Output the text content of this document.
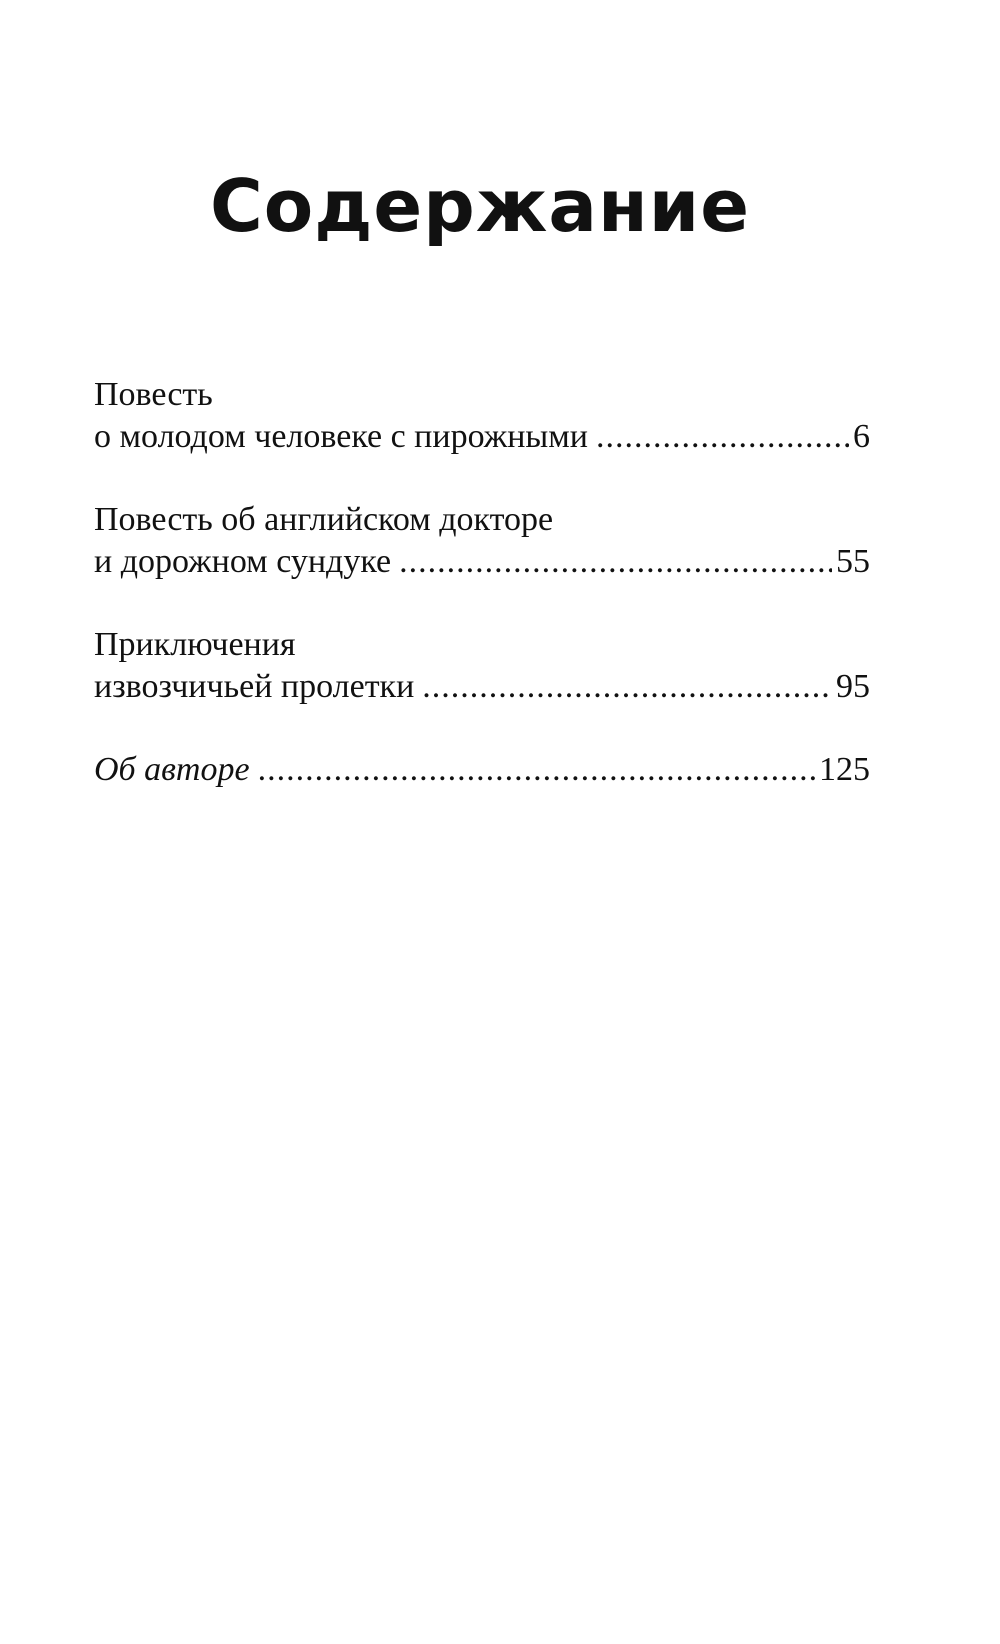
Содержание
Повесть
о молодом человеке с пирожными .....	6
Повесть об английском докторе
и дорожном сундуке .....	55
Приключения
извозчичьей пролетки .....	95
Об авторе .....	125
